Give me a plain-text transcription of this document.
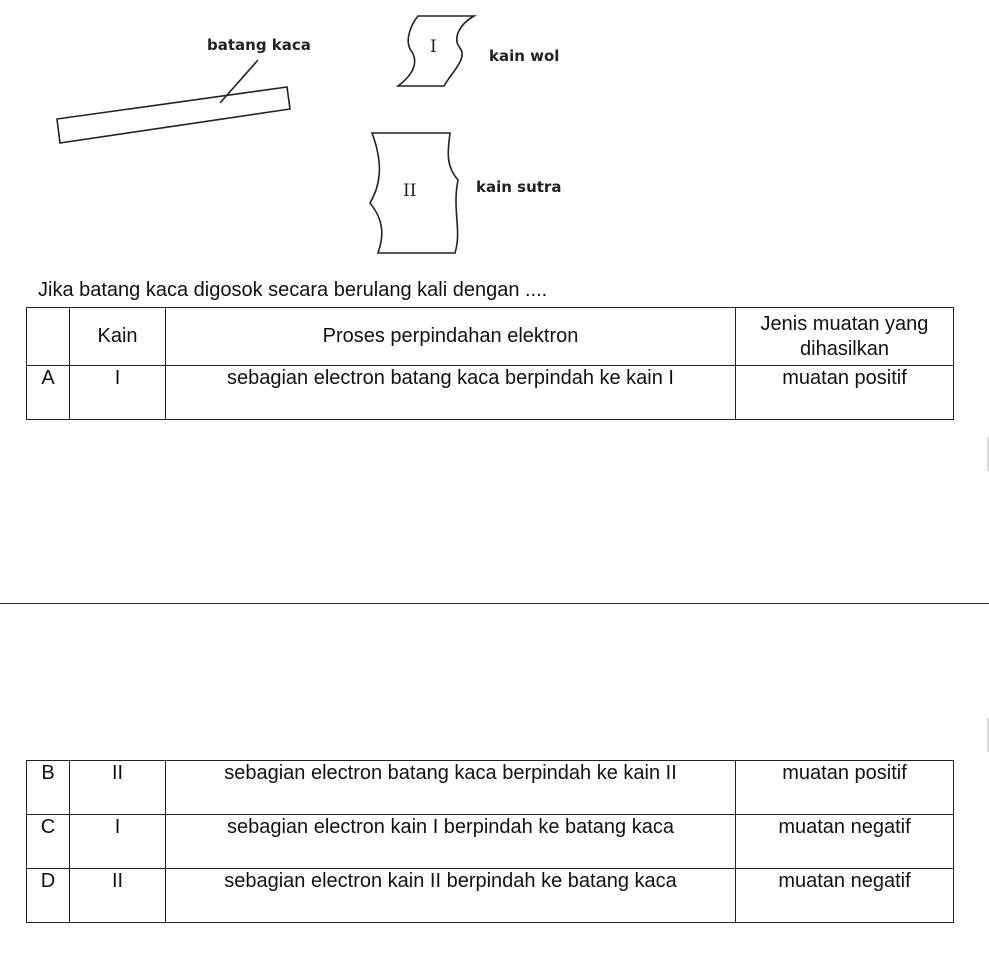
batang kaca	I	kain wol
II	kain sutra
Jika batang kaca digosok secara berulang kali dengan ....
	Kain	Proses perpindahan elektron	Jenis muatan yang dihasilkan
A	I	sebagian electron batang kaca berpindah ke kain I	muatan positif
B	II	sebagian electron batang kaca berpindah ke kain II	muatan positif
C	I	sebagian electron kain I berpindah ke batang kaca	muatan negatif
D	II	sebagian electron kain II berpindah ke batang kaca	muatan negatif
